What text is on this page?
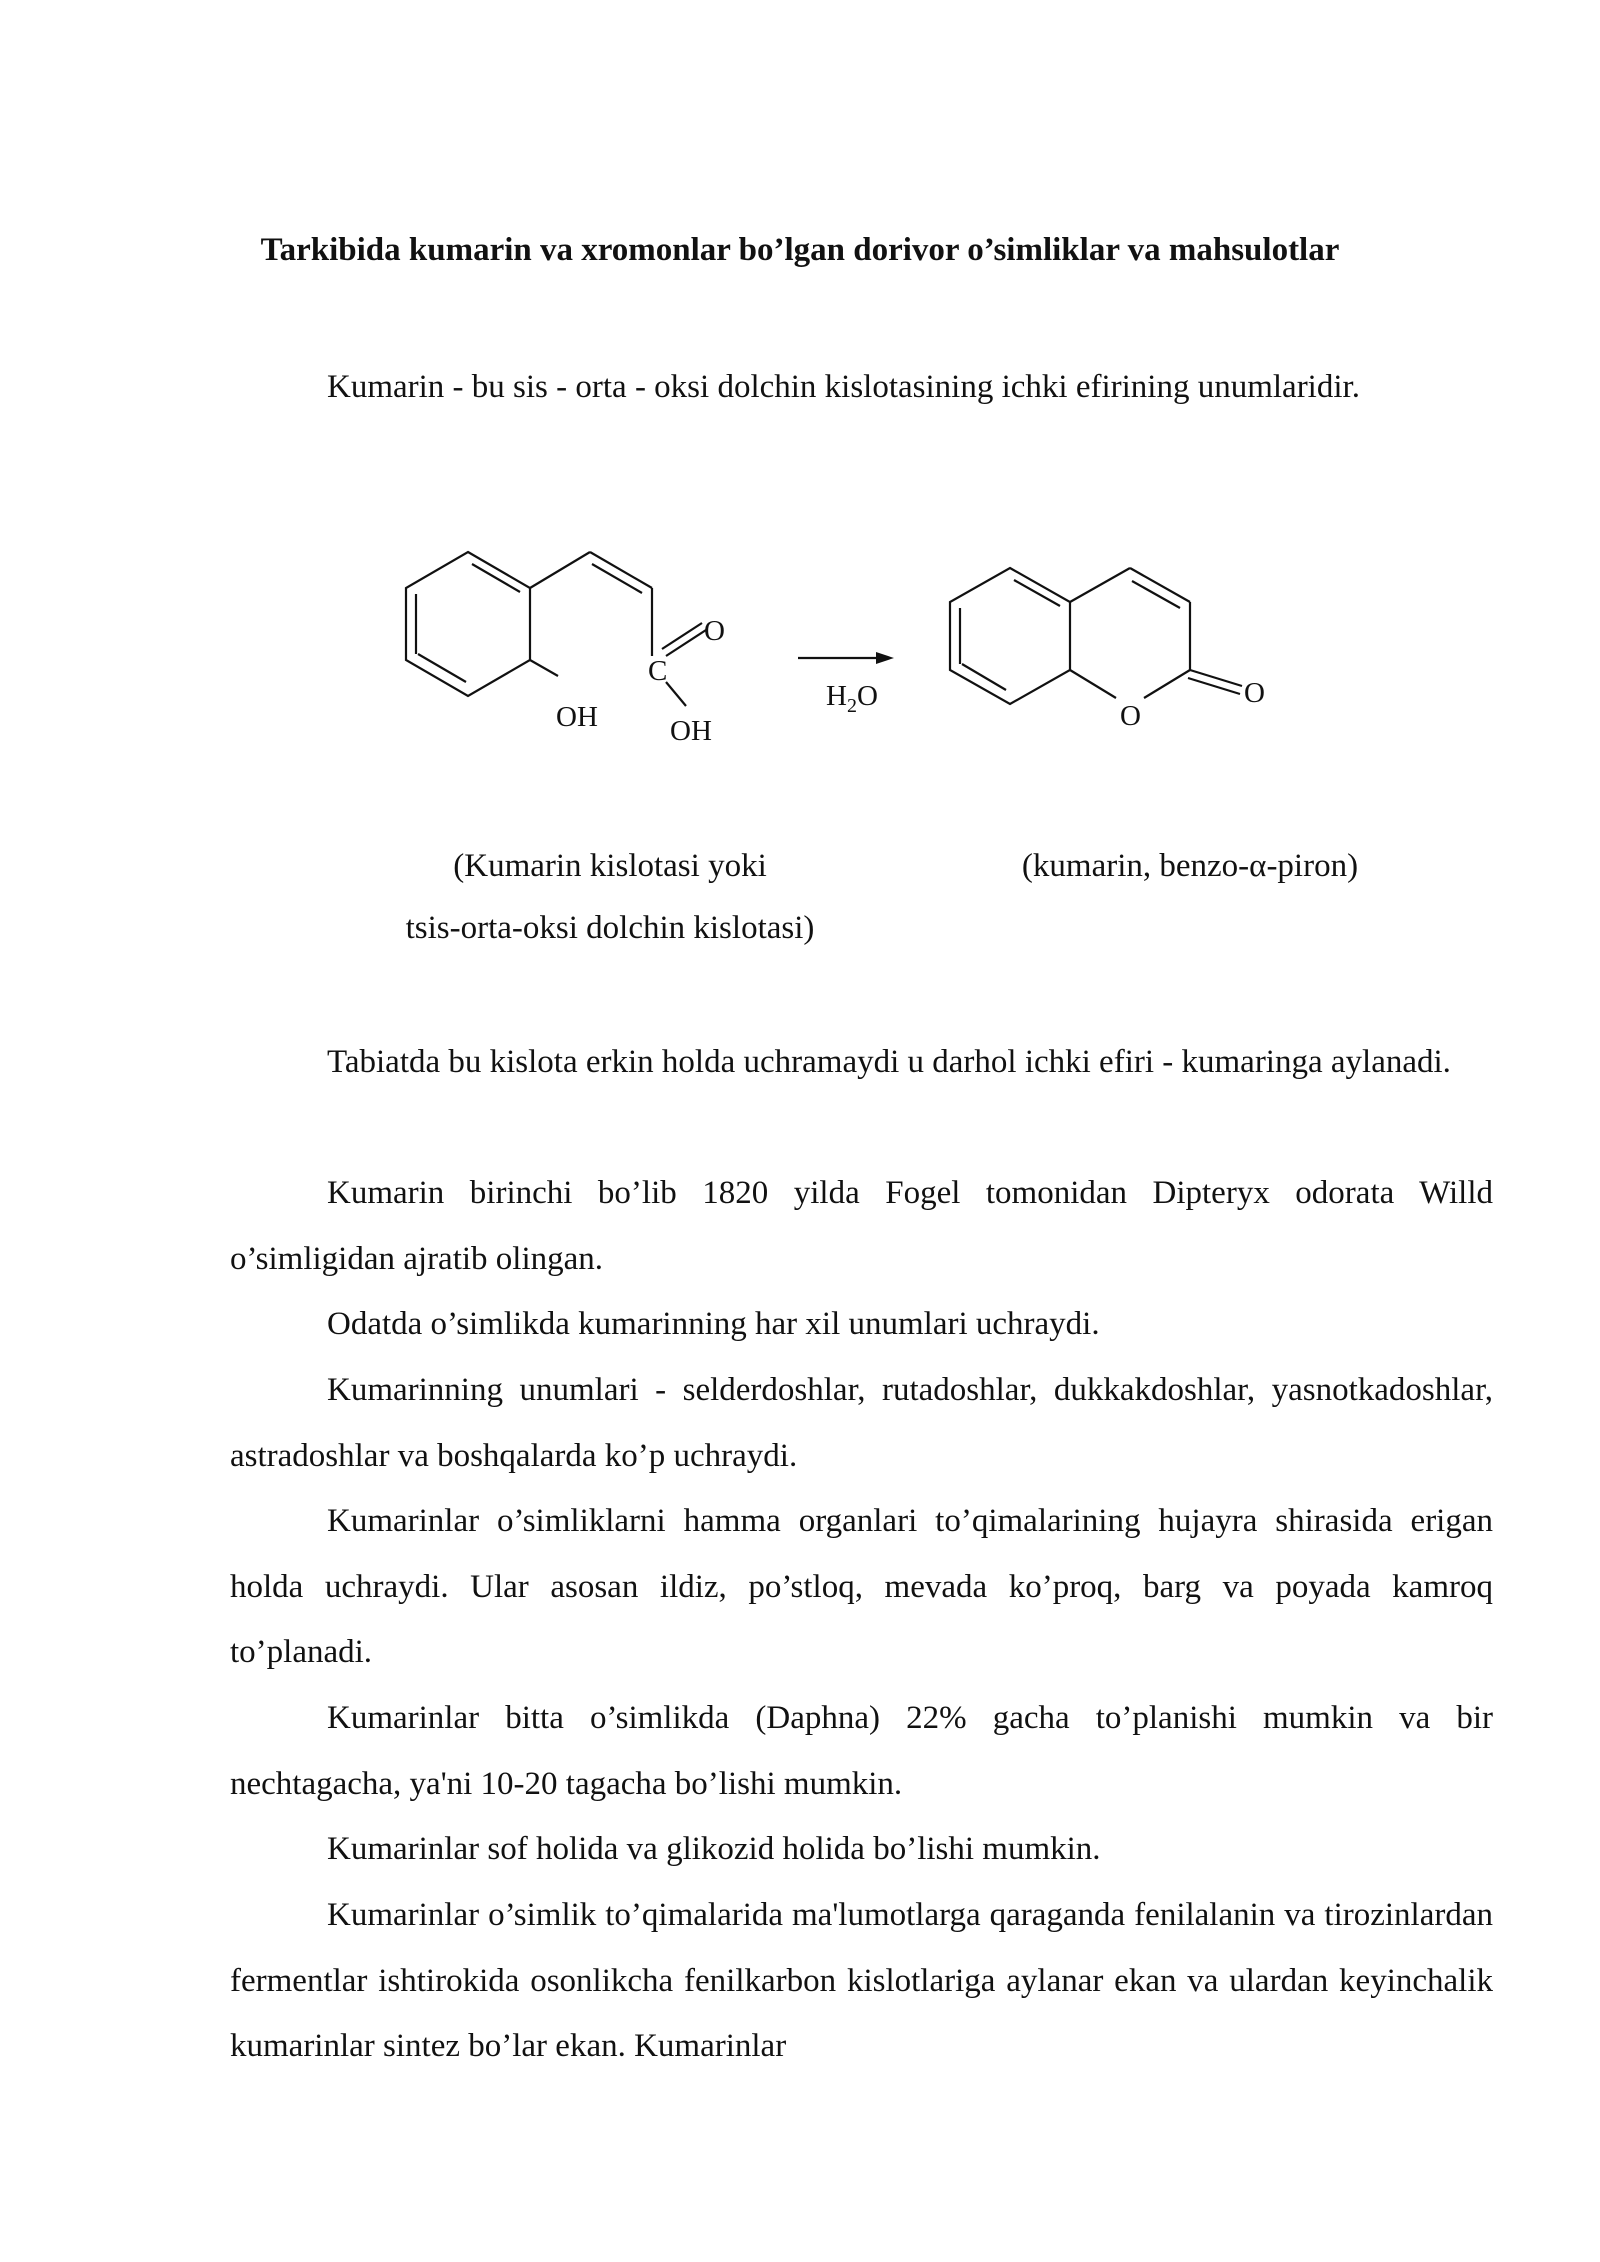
Tarkibida kumarin va xromonlar bo’lgan dorivor o’simliklar va mahsulotlar

Kumarin - bu sis - orta - oksi dolchin kislotasining ichki efirining unumlaridir.

OH
C
O
OH
$H_2O$
O
O
(Kumarin kislotasi yoki
tsis-orta-oksi dolchin kislotasi)
(kumarin, benzo-α-piron)

Tabiatda bu kislota erkin holda uchramaydi u darhol ichki efiri - kumaringa aylanadi.

Kumarin birinchi bo’lib 1820 yilda Fogel tomonidan Dipteryx odorata Willd o’simligidan ajratib olingan.

Odatda o’simlikda kumarinning har xil unumlari uchraydi.

Kumarinning unumlari - selderdoshlar, rutadoshlar, dukkakdoshlar, yasnotkadoshlar, astradoshlar va boshqalarda ko’p uchraydi.

Kumarinlar o’simliklarni hamma organlari to’qimalarining hujayra shirasida erigan holda uchraydi. Ular asosan ildiz, po’stloq, mevada ko’proq, barg va poyada kamroq to’planadi.

Kumarinlar bitta o’simlikda (Daphna) 22% gacha to’planishi mumkin va bir nechtagacha, ya'ni 10-20 tagacha bo’lishi mumkin.

Kumarinlar sof holida va glikozid holida bo’lishi mumkin.

Kumarinlar o’simlik to’qimalarida ma'lumotlarga qaraganda fenilalanin va tirozinlardan fermentlar ishtirokida osonlikcha fenilkarbon kislotlariga aylanar ekan va ulardan keyinchalik kumarinlar sintez bo’lar ekan. Kumarinlar
